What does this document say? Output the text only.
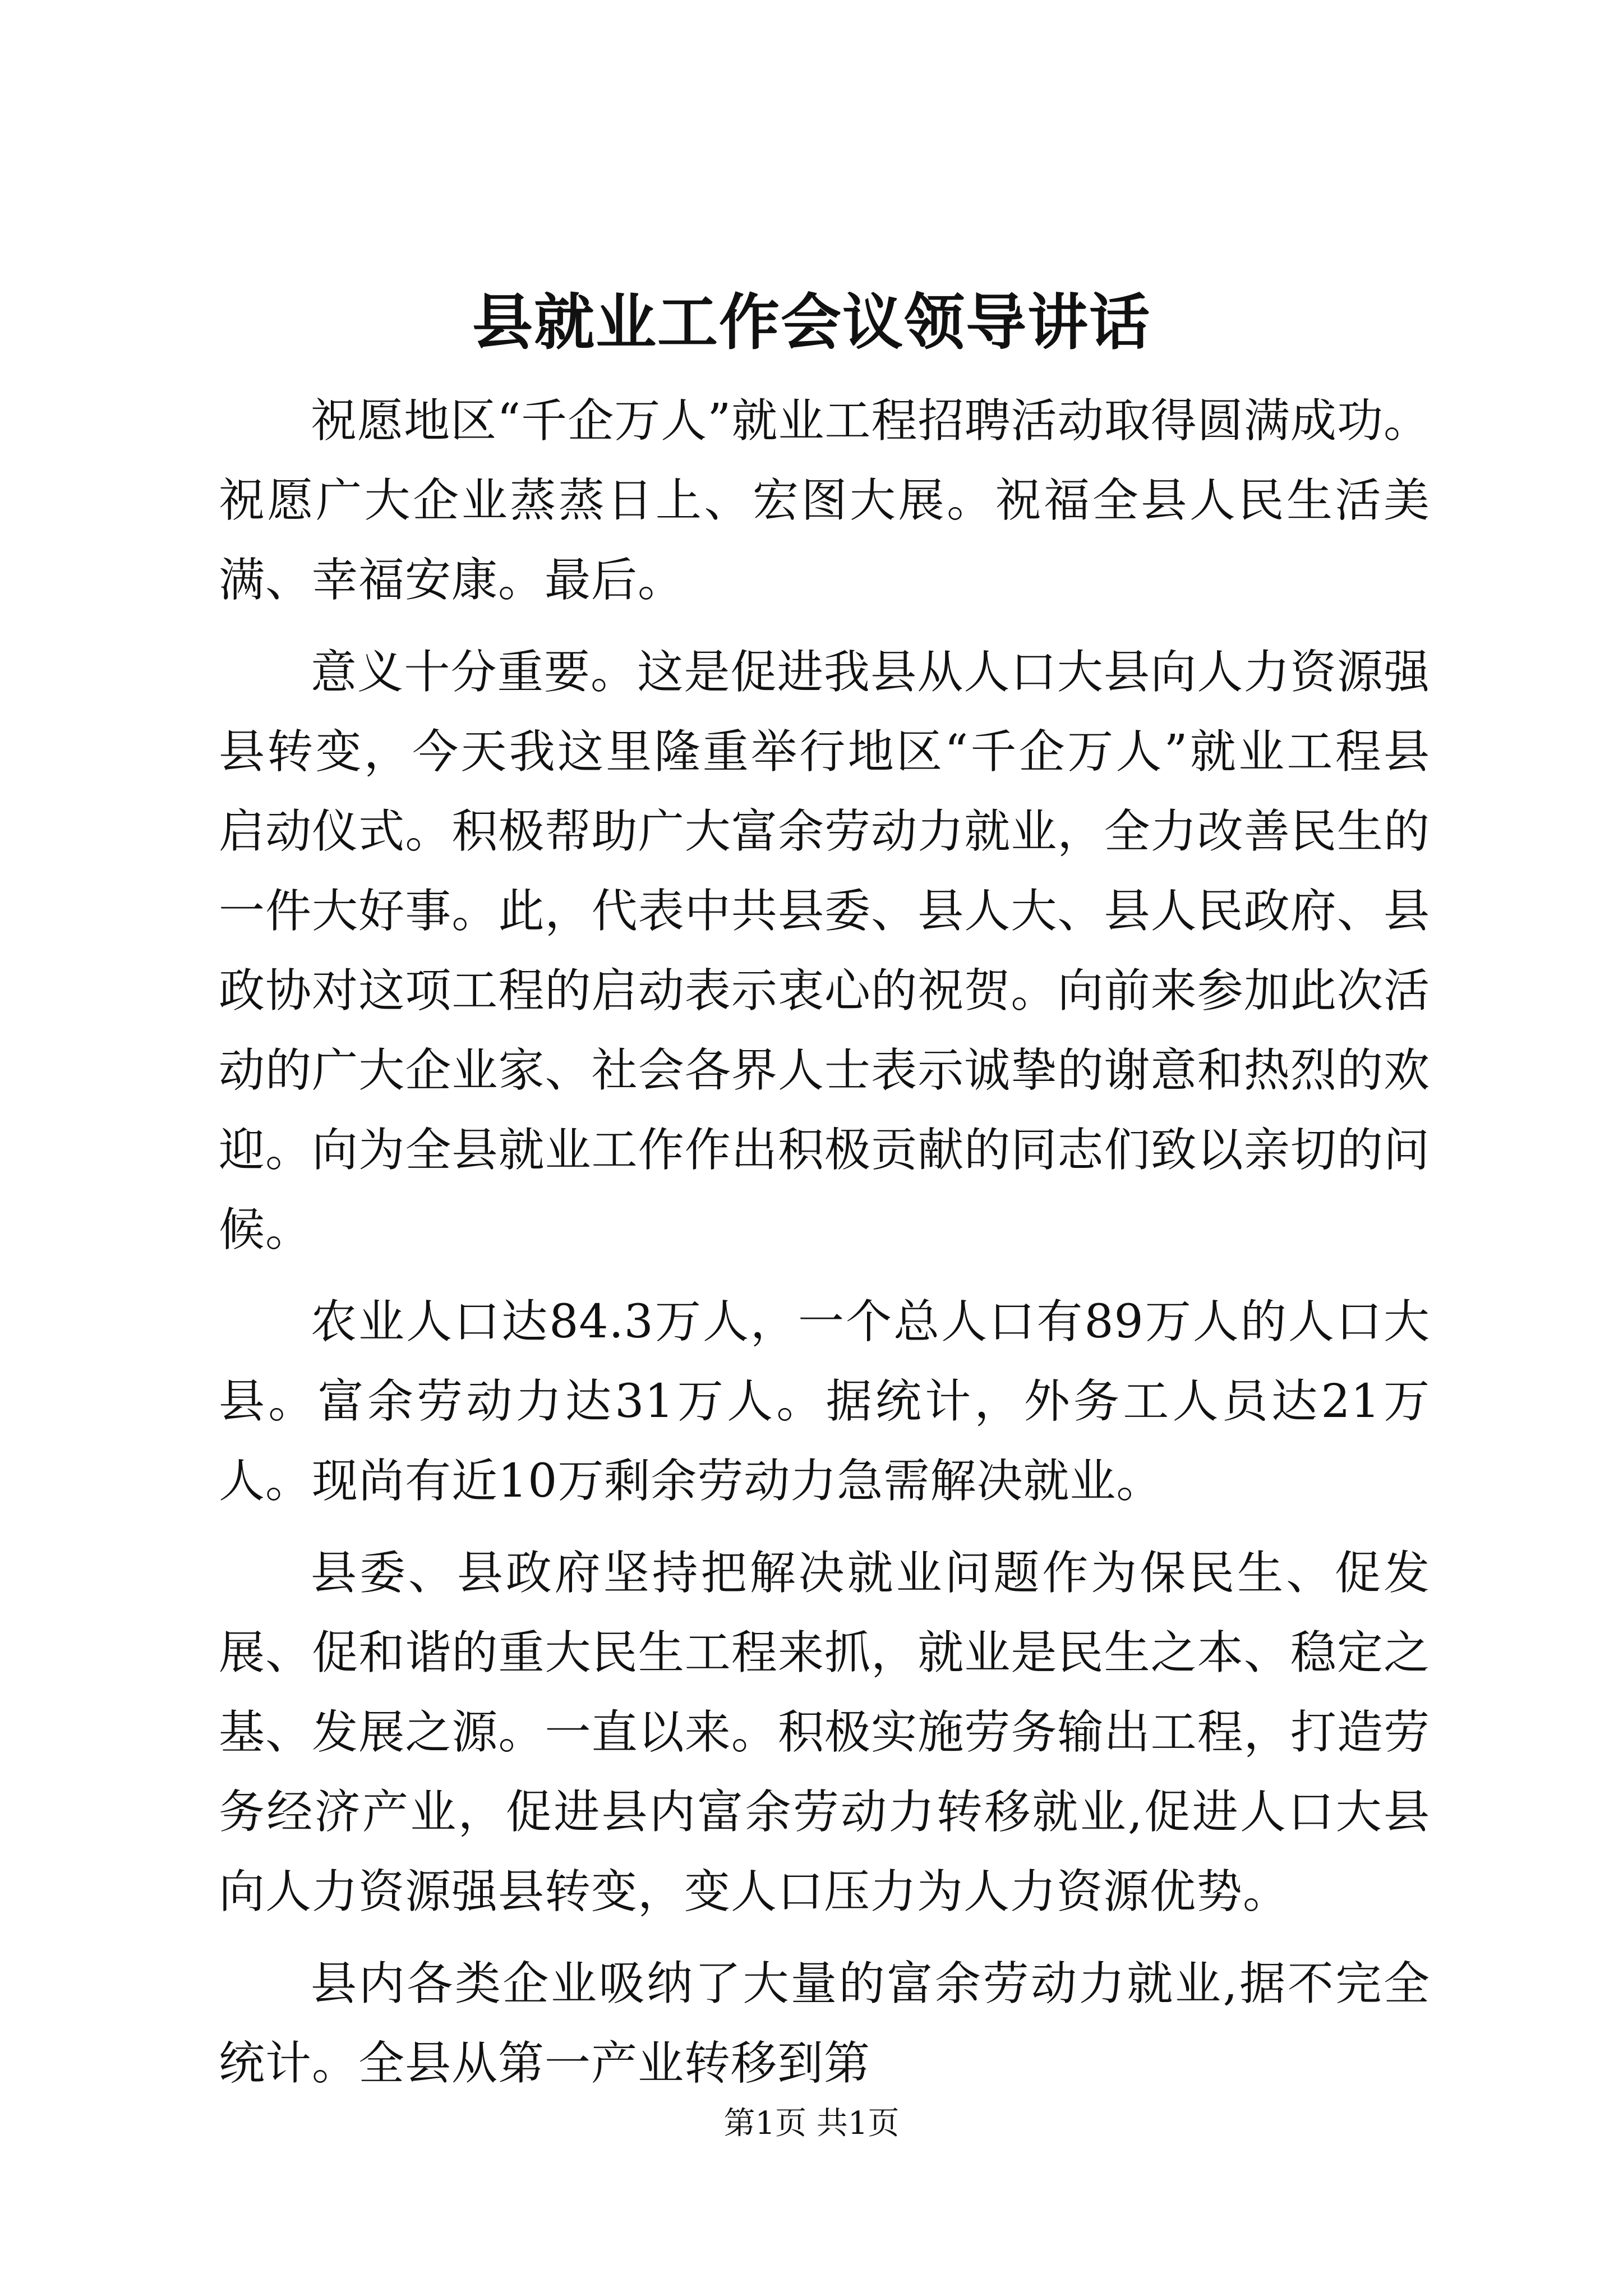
县就业工作会议领导讲话

祝愿地区“千企万人”就业工程招聘活动取得圆满成功。祝愿广大企业蒸蒸日上、宏图大展。祝福全县人民生活美满、幸福安康。最后。

意义十分重要。这是促进我县从人口大县向人力资源强县转变，今天我这里隆重举行地区“千企万人”就业工程县启动仪式。积极帮助广大富余劳动力就业，全力改善民生的一件大好事。此，代表中共县委、县人大、县人民政府、县政协对这项工程的启动表示衷心的祝贺。向前来参加此次活动的广大企业家、社会各界人士表示诚挚的谢意和热烈的欢迎。向为全县就业工作作出积极贡献的同志们致以亲切的问候。

农业人口达84.3万人，一个总人口有89万人的人口大县。富余劳动力达31万人。据统计，外务工人员达21万人。现尚有近10万剩余劳动力急需解决就业。

县委、县政府坚持把解决就业问题作为保民生、促发展、促和谐的重大民生工程来抓，就业是民生之本、稳定之基、发展之源。一直以来。积极实施劳务输出工程，打造劳务经济产业，促进县内富余劳动力转移就业,促进人口大县向人力资源强县转变，变人口压力为人力资源优势。

县内各类企业吸纳了大量的富余劳动力就业,据不完全统计。全县从第一产业转移到第

第1页 共1页
